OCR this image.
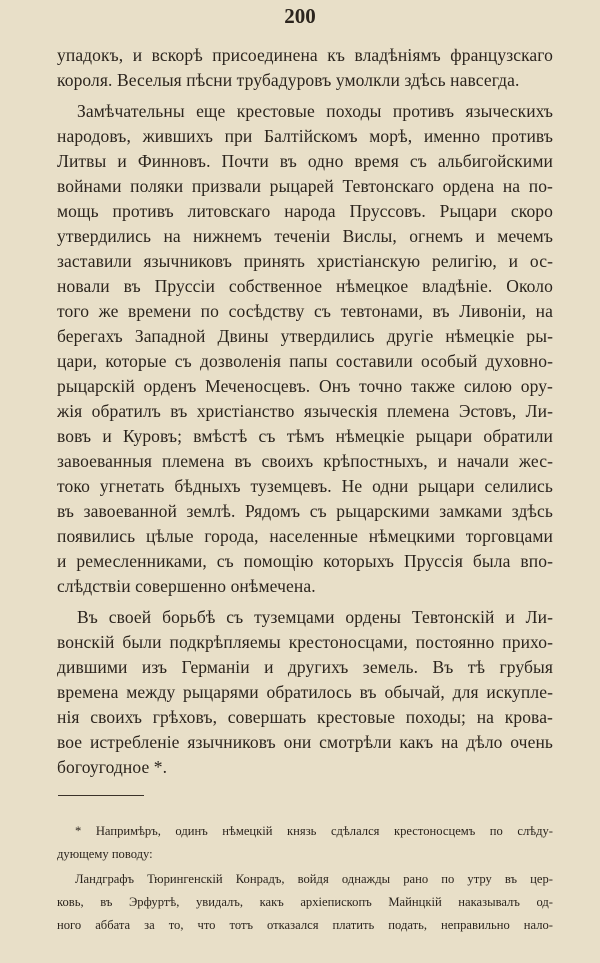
200
упадокъ, и вскорѣ присоединена къ владѣніямъ французскаго
короля. Веселыя пѣсни трубадуровъ умолкли здѣсь навсегда.
Замѣчательны еще крестовые походы противъ языческихъ
народовъ, жившихъ при Балтійскомъ морѣ, именно противъ
Литвы и Финновъ. Почти въ одно время съ альбигойскими
войнами поляки призвали рыцарей Тевтонскаго ордена на по-
мощь противъ литовскаго народа Пруссовъ. Рыцари скоро
утвердились на нижнемъ теченіи Вислы, огнемъ и мечемъ
заставили язычниковъ принять христіанскую религію, и ос-
новали въ Пруссіи собственное нѣмецкое владѣніе. Около
того же времени по сосѣдству съ тевтонами, въ Ливоніи, на
берегахъ Западной Двины утвердились другіе нѣмецкіе ры-
цари, которые съ дозволенія папы составили особый духовно-
рыцарскій орденъ Меченосцевъ. Онъ точно также силою ору-
жія обратилъ въ христіанство языческія племена Эстовъ, Ли-
вовъ и Куровъ; вмѣстѣ съ тѣмъ нѣмецкіе рыцари обратили
завоеванныя племена въ своихъ крѣпостныхъ, и начали жес-
токо угнетать бѣдныхъ туземцевъ. Не одни рыцари селились
въ завоеванной землѣ. Рядомъ съ рыцарскими замками здѣсь
появились цѣлые города, населенные нѣмецкими торговцами
и ремесленниками, съ помощію которыхъ Пруссія была впо-
слѣдствіи совершенно онѣмечена.
Въ своей борьбѣ съ туземцами ордены Тевтонскій и Ли-
вонскій были подкрѣпляемы крестоносцами, постоянно прихо-
дившими изъ Германіи и другихъ земель. Въ тѣ грубыя
времена между рыцарями обратилось въ обычай, для искупле-
нія своихъ грѣховъ, совершать крестовые походы; на крова-
вое истребленіе язычниковъ они смотрѣли какъ на дѣло очень
богоугодное *.
* Напримѣръ, одинъ нѣмецкій князь сдѣлался крестоносцемъ по слѣду-
дующему поводу:
Ландграфъ Тюрингенскій Конрадъ, войдя однажды рано по утру въ цер-
ковь, въ Эрфуртѣ, увидалъ, какъ архіепископъ Майнцкій наказывалъ од-
ного аббата за то, что тотъ отказался платить подать, неправильно нало-
